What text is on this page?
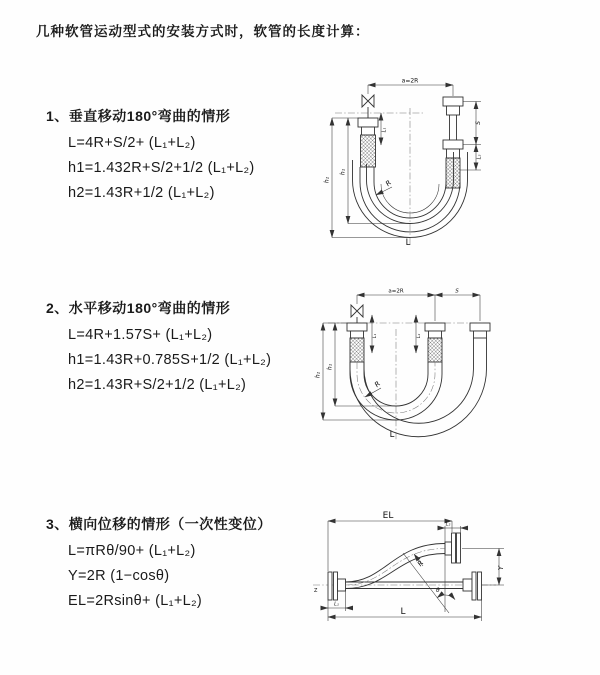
几种软管运动型式的安装方式时，软管的长度计算：
1、垂直移动180°弯曲的情形
L=4R+S/2+ (L₁+L₂)
h1=1.432R+S/2+1/2 (L₁+L₂)
h2=1.43R+1/2 (L₁+L₂)
2、水平移动180°弯曲的情形
L=4R+1.57S+ (L₁+L₂)
h1=1.43R+0.785S+1/2 (L₁+L₂)
h2=1.43R+S/2+1/2 (L₁+L₂)
3、横向位移的情形（一次性变位）
L=πRθ/90+ (L₁+L₂)
Y=2R (1−cosθ)
EL=2Rsinθ+ (L₁+L₂)
a=2R
h₂
h₁
L₁
S
L₂
R
L
a=2R	S
h₂
h₁
L₁	L₂
R
L
Z
EL
L₂
Y
θ
R
L₁
L
